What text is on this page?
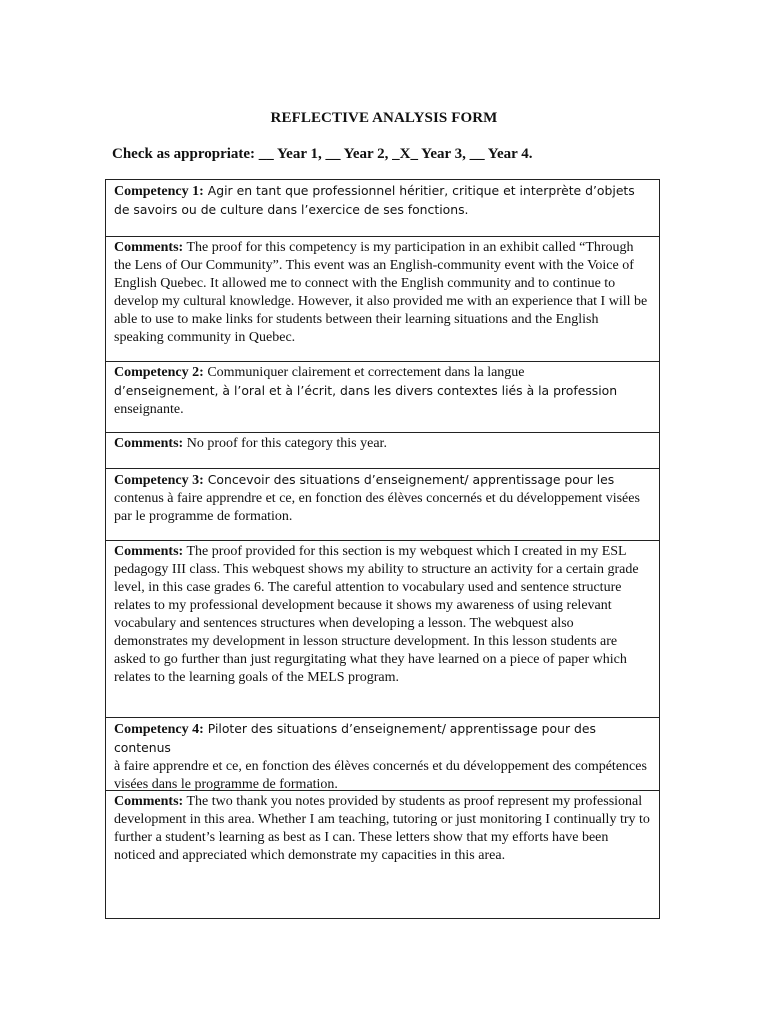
REFLECTIVE ANALYSIS FORM
Check as appropriate: __ Year 1, __ Year 2, _X_ Year 3, __ Year 4.
Competency 1: Agir en tant que professionnel héritier, critique et interprète d’objets de savoirs ou de culture dans l’exercice de ses fonctions.
Comments: The proof for this competency is my participation in an exhibit called “Through the Lens of Our Community”. This event was an English-community event with the Voice of English Quebec. It allowed me to connect with the English community and to continue to develop my cultural knowledge. However, it also provided me with an experience that I will be able to use to make links for students between their learning situations and the English speaking community in Quebec.
Competency 2: Communiquer clairement et correctement dans la langue
d’enseignement, à l’oral et à l’écrit, dans les divers contextes liés à la profession
enseignante.
Comments: No proof for this category this year.
Competency 3: Concevoir des situations d’enseignement/ apprentissage pour les
contenus à faire apprendre et ce, en fonction des élèves concernés et du développement visées par le programme de formation.
Comments: The proof provided for this section is my webquest which I created in my ESL pedagogy III class. This webquest shows my ability to structure an activity for a certain grade level, in this case grades 6. The careful attention to vocabulary used and sentence structure relates to my professional development because it shows my awareness of using relevant vocabulary and sentences structures when developing a lesson. The webquest also demonstrates my development in lesson structure development. In this lesson students are asked to go further than just regurgitating what they have learned on a piece of paper which relates to the learning goals of the MELS program.
Competency 4: Piloter des situations d’enseignement/ apprentissage pour des contenus
à faire apprendre et ce, en fonction des élèves concernés et du développement des compétences visées dans le programme de formation.
Comments: The two thank you notes provided by students as proof represent my professional development in this area. Whether I am teaching, tutoring or just monitoring I continually try to further a student’s learning as best as I can. These letters show that my efforts have been noticed and appreciated which demonstrate my capacities in this area.
